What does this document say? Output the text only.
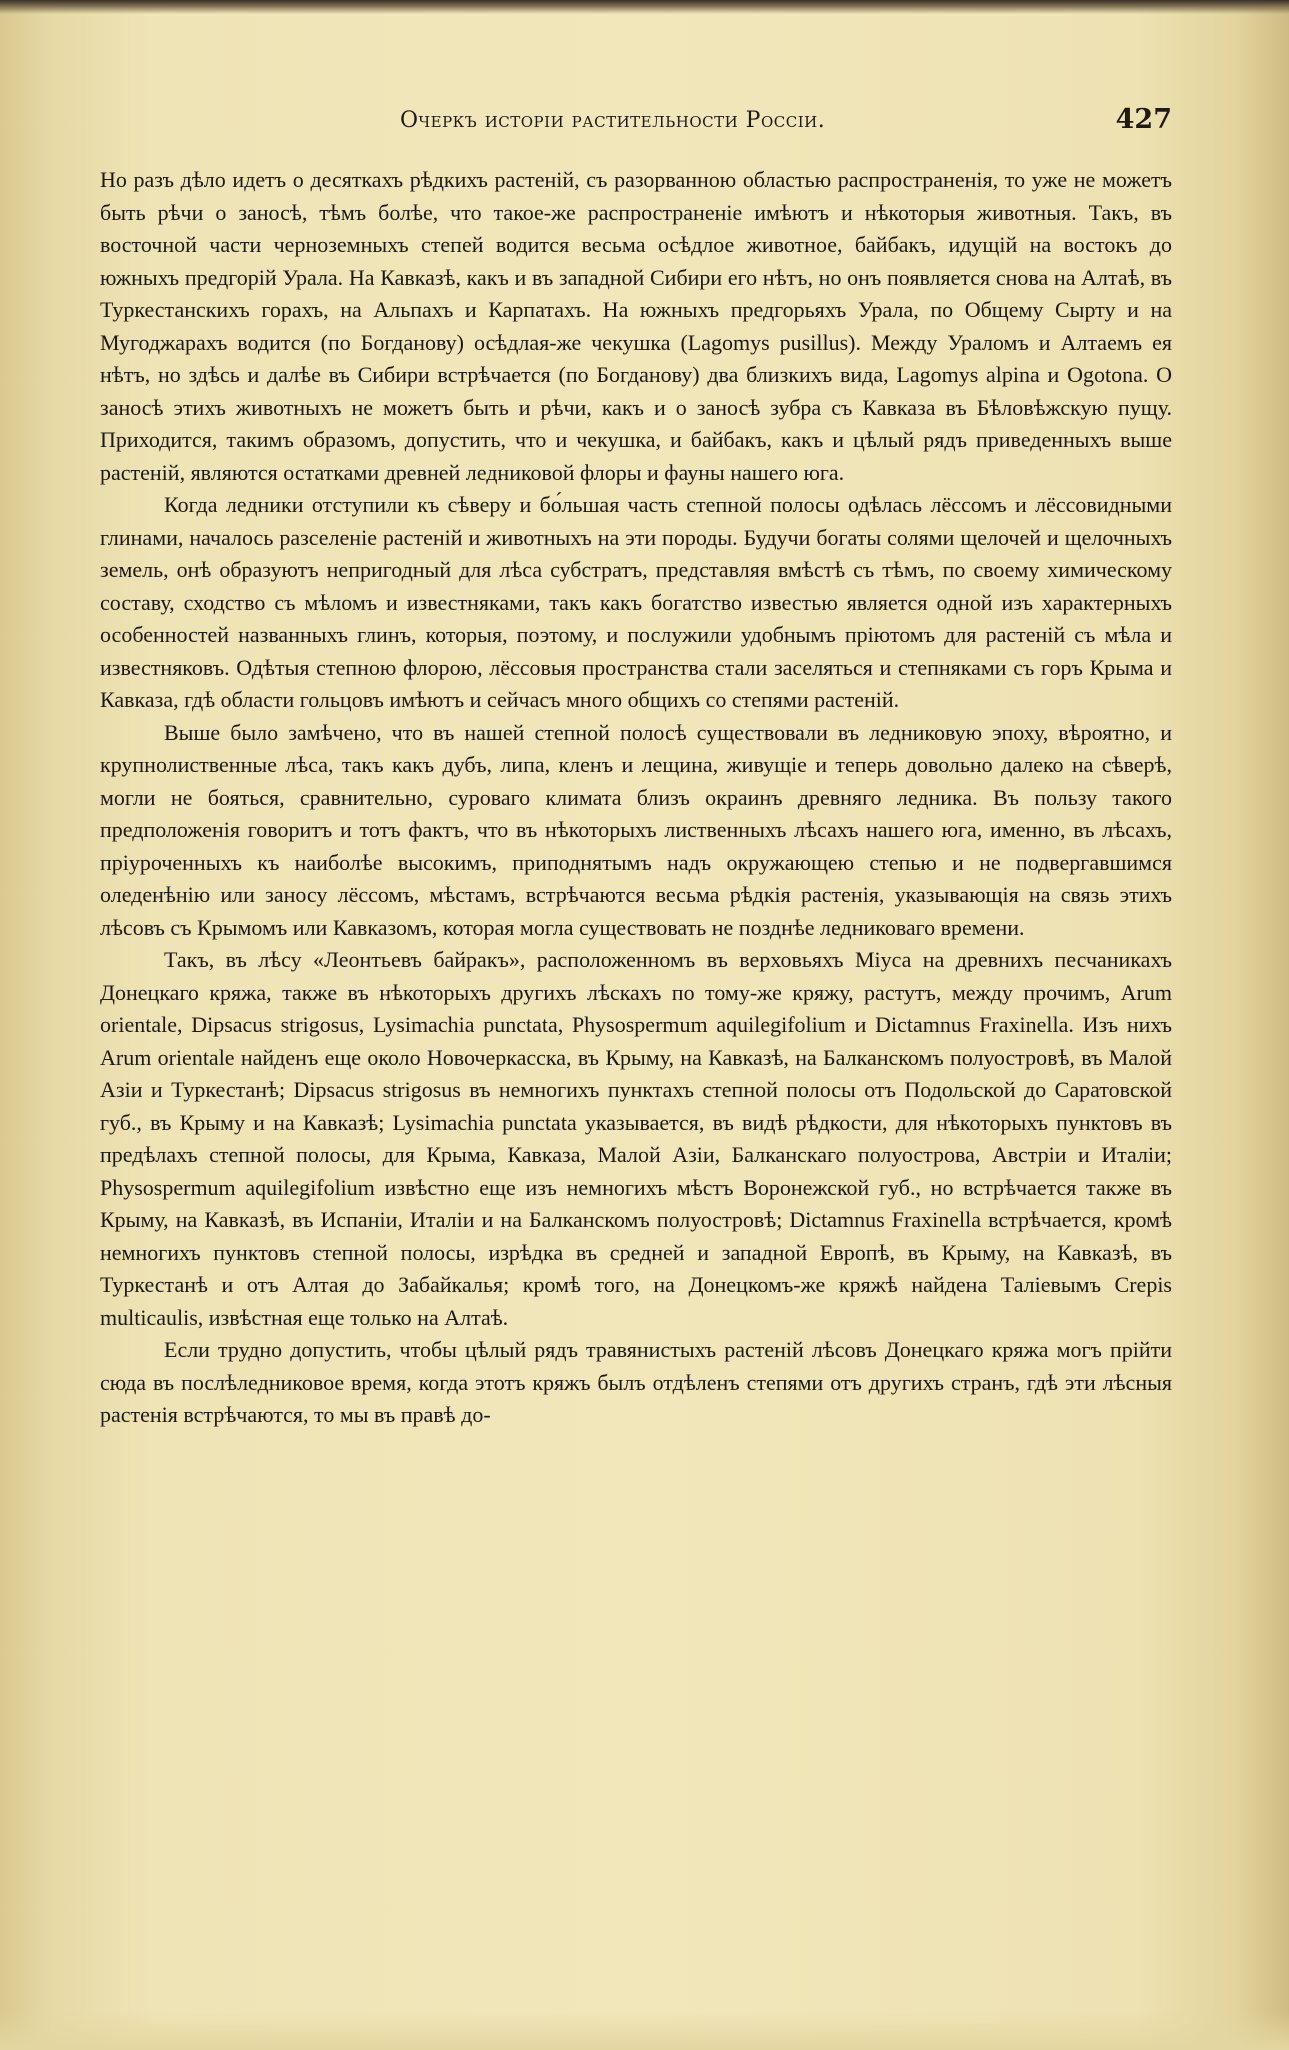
Очеркъ исторіи растительности Россіи.	427

Но разъ дѣло идетъ о десяткахъ рѣдкихъ растеній, съ разорванною областью распространенія, то уже не можетъ быть рѣчи о заносѣ, тѣмъ болѣе, что такое-же распространеніе имѣютъ и нѣкоторыя животныя. Такъ, въ восточной части черноземныхъ степей водится весьма осѣдлое животное, байбакъ, идущій на востокъ до южныхъ предгорій Урала. На Кавказѣ, какъ и въ западной Сибири его нѣтъ, но онъ появляется снова на Алтаѣ, въ Туркестанскихъ горахъ, на Альпахъ и Карпатахъ. На южныхъ предгорьяхъ Урала, по Общему Сырту и на Мугоджарахъ водится (по Богданову) осѣдлая-же чекушка (Lagomys pusillus). Между Ураломъ и Алтаемъ ея нѣтъ, но здѣсь и далѣе въ Сибири встрѣчается (по Богданову) два близкихъ вида, Lagomys alpina и Ogotona. О заносѣ этихъ животныхъ не можетъ быть и рѣчи, какъ и о заносѣ зубра съ Кавказа въ Бѣловѣжскую пущу. Приходится, такимъ образомъ, допустить, что и чекушка, и байбакъ, какъ и цѣлый рядъ приведенныхъ выше растеній, являются остатками древней ледниковой флоры и фауны нашего юга.

Когда ледники отступили къ сѣверу и бо́льшая часть степной полосы одѣлась лёссомъ и лёссовидными глинами, началось разселеніе растеній и животныхъ на эти породы. Будучи богаты солями щелочей и щелочныхъ земель, онѣ образуютъ непригодный для лѣса субстратъ, представляя вмѣстѣ съ тѣмъ, по своему химическому составу, сходство съ мѣломъ и известняками, такъ какъ богатство известью является одной изъ характерныхъ особенностей названныхъ глинъ, которыя, поэтому, и послужили удобнымъ пріютомъ для растеній съ мѣла и известняковъ. Одѣтыя степною флорою, лёссовыя пространства стали заселяться и степняками съ горъ Крыма и Кавказа, гдѣ области гольцовъ имѣютъ и сейчасъ много общихъ со степями растеній.

Выше было замѣчено, что въ нашей степной полосѣ существовали въ ледниковую эпоху, вѣроятно, и крупнолиственные лѣса, такъ какъ дубъ, липа, кленъ и лещина, живущіе и теперь довольно далеко на сѣверѣ, могли не бояться, сравнительно, суроваго климата близъ окраинъ древняго ледника. Въ пользу такого предположенія говоритъ и тотъ фактъ, что въ нѣкоторыхъ лиственныхъ лѣсахъ нашего юга, именно, въ лѣсахъ, пріуроченныхъ къ наиболѣе высокимъ, приподнятымъ надъ окружающею степью и не подвергавшимся оледенѣнію или заносу лёссомъ, мѣстамъ, встрѣчаются весьма рѣдкія растенія, указывающія на связь этихъ лѣсовъ съ Крымомъ или Кавказомъ, которая могла существовать не позднѣе ледниковаго времени.

Такъ, въ лѣсу «Леонтьевъ байракъ», расположенномъ въ верховьяхъ Міуса на древнихъ песчаникахъ Донецкаго кряжа, также въ нѣкоторыхъ другихъ лѣскахъ по тому-же кряжу, растутъ, между прочимъ, Arum orientale, Dipsacus strigosus, Lysimachia punctata, Physospermum aquilegifolium и Dictamnus Fraxinella. Изъ нихъ Arum orientale найденъ еще около Новочеркасска, въ Крыму, на Кавказѣ, на Балканскомъ полуостровѣ, въ Малой Азіи и Туркестанѣ; Dipsacus strigosus въ немногихъ пунктахъ степной полосы отъ Подольской до Саратовской губ., въ Крыму и на Кавказѣ; Lysimachia punctata указывается, въ видѣ рѣдкости, для нѣкоторыхъ пунктовъ въ предѣлахъ степной полосы, для Крыма, Кавказа, Малой Азіи, Балканскаго полуострова, Австріи и Италіи; Physospermum aquilegifolium извѣстно еще изъ немногихъ мѣстъ Воронежской губ., но встрѣчается также въ Крыму, на Кавказѣ, въ Испаніи, Италіи и на Балканскомъ полуостровѣ; Dictamnus Fraxinella встрѣчается, кромѣ немногихъ пунктовъ степной полосы, изрѣдка въ средней и западной Европѣ, въ Крыму, на Кавказѣ, въ Туркестанѣ и отъ Алтая до Забайкалья; кромѣ того, на Донецкомъ-же кряжѣ найдена Таліевымъ Crepis multicaulis, извѣстная еще только на Алтаѣ.

Если трудно допустить, чтобы цѣлый рядъ травянистыхъ растеній лѣсовъ Донецкаго кряжа могъ прійти сюда въ послѣледниковое время, когда этотъ кряжъ былъ отдѣленъ степями отъ другихъ странъ, гдѣ эти лѣсныя растенія встрѣчаются, то мы въ правѣ до-
